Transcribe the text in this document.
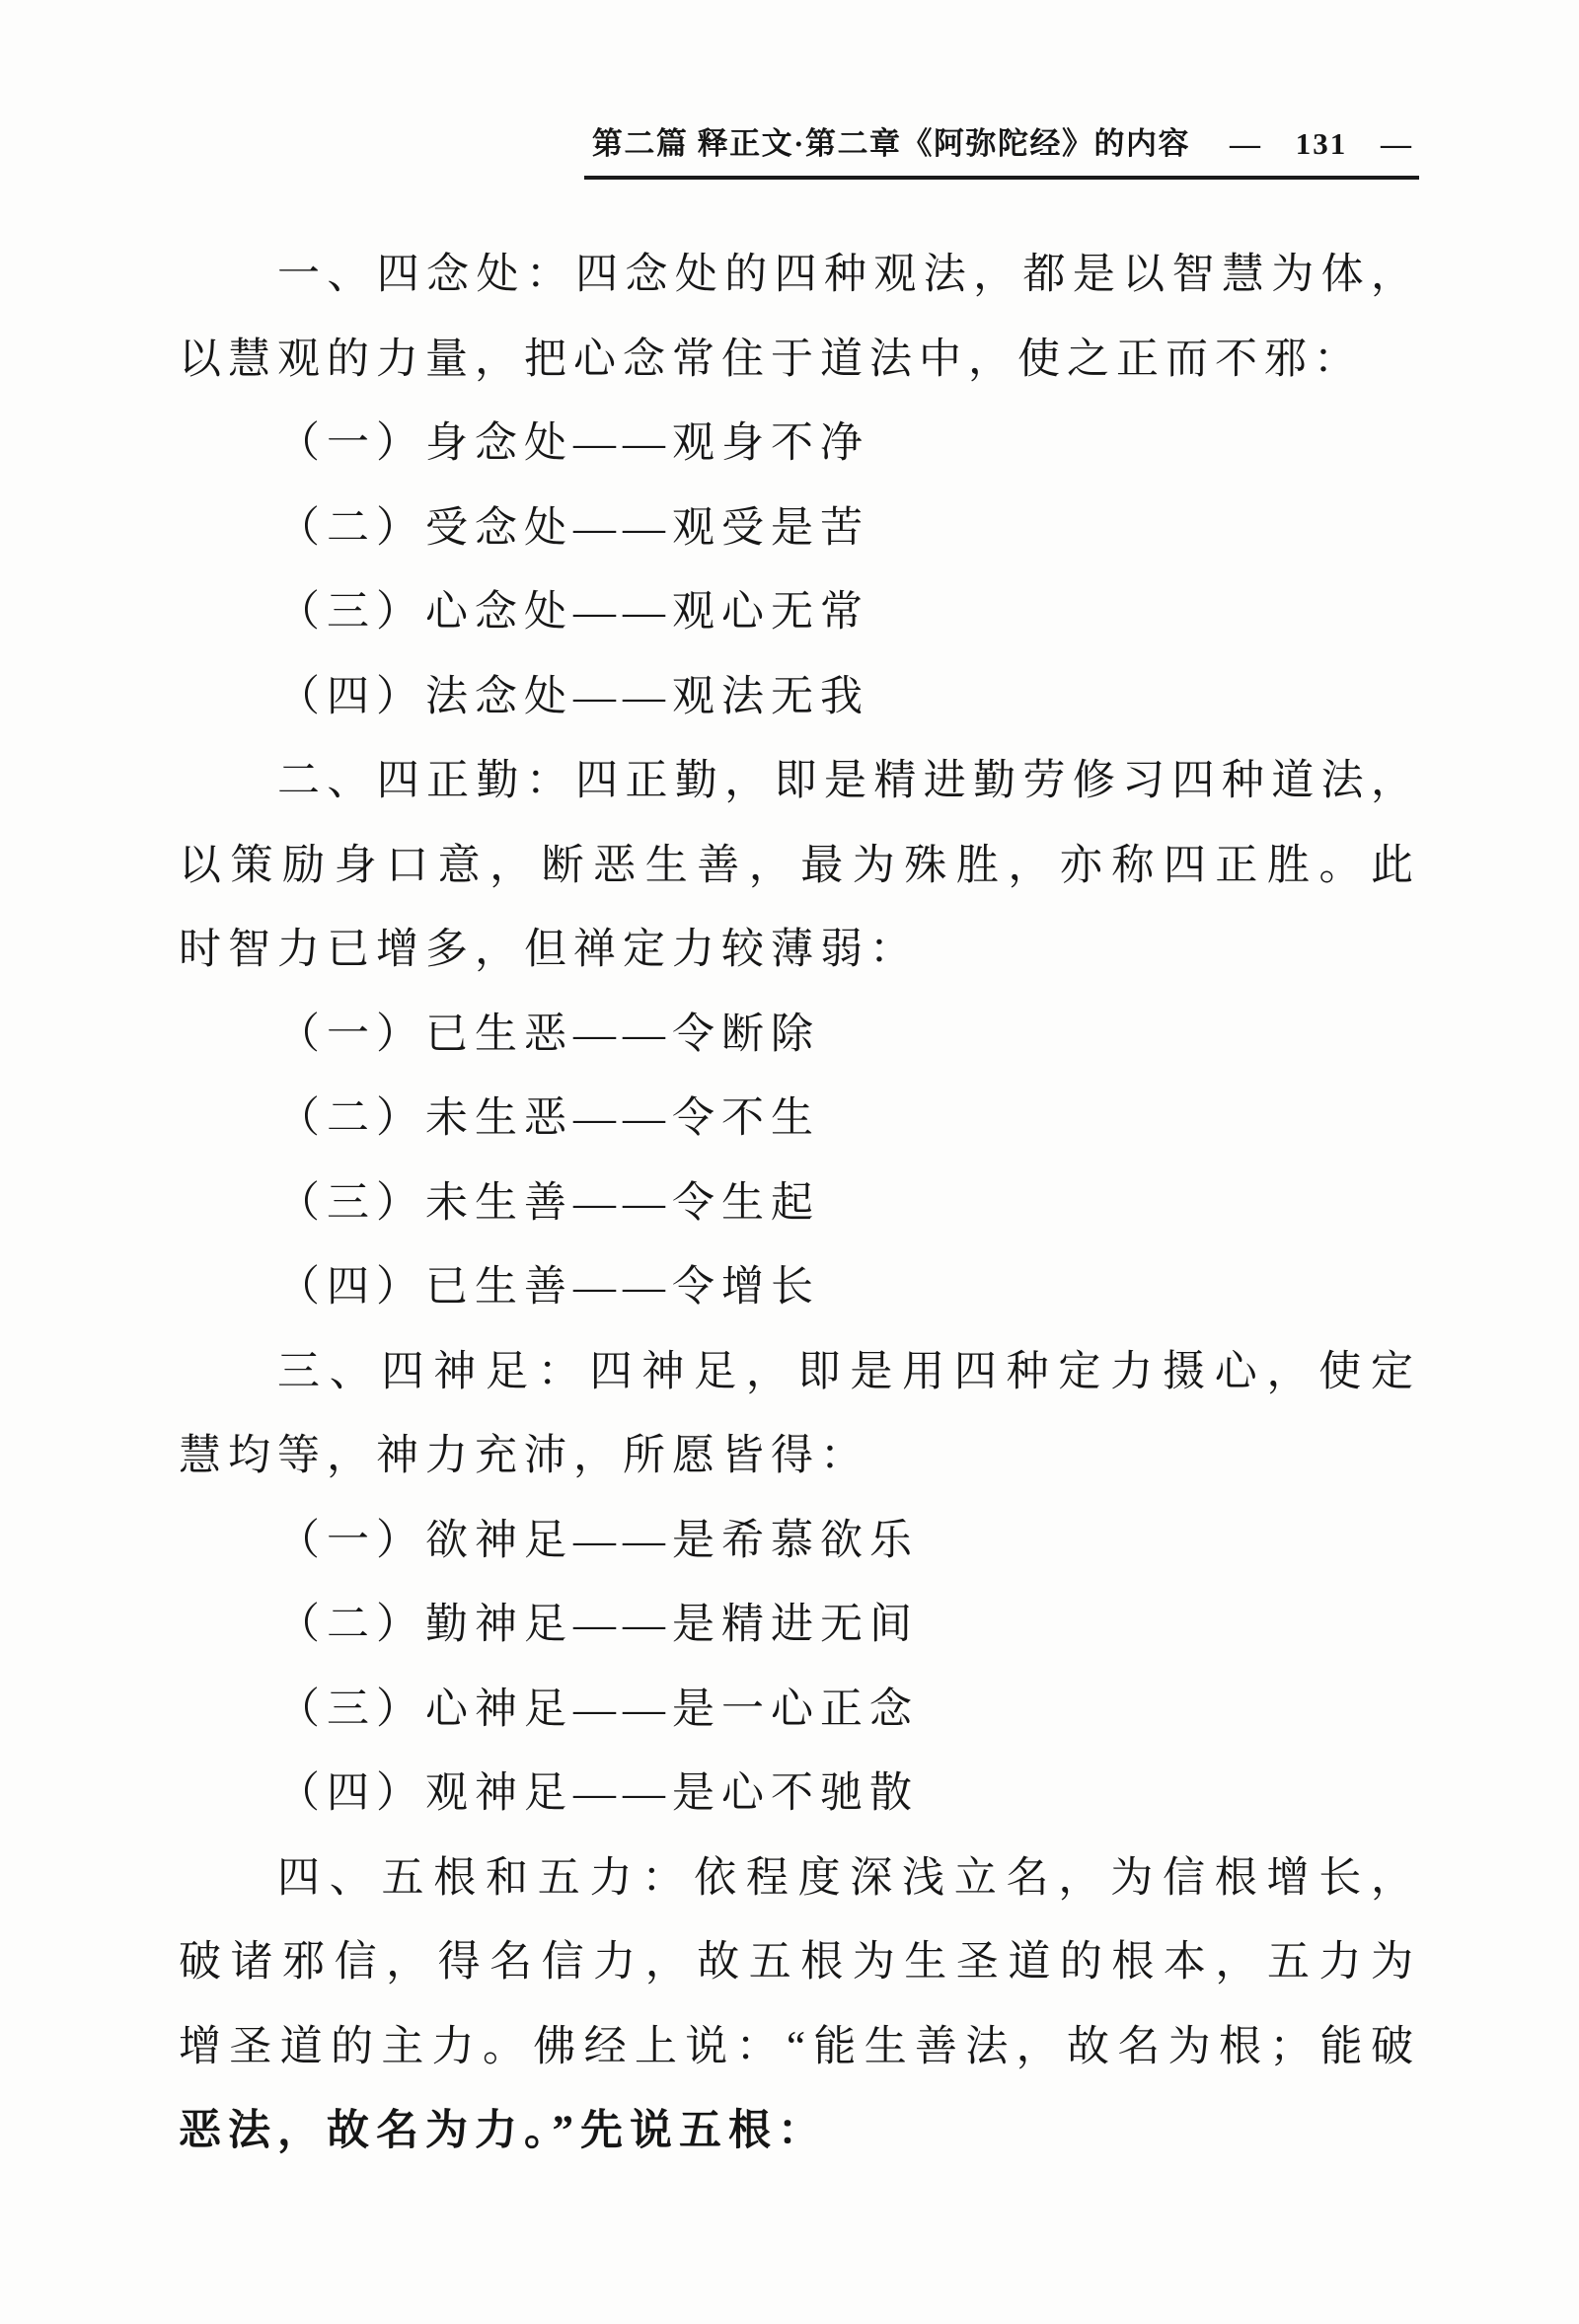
第二篇 释正文·第二章《阿弥陀经》的内容 — 131 —
一、四念处：四念处的四种观法，都是以智慧为体，
以慧观的力量，把心念常住于道法中，使之正而不邪：
（一）身念处——观身不净
（二）受念处——观受是苦
（三）心念处——观心无常
（四）法念处——观法无我
二、四正勤：四正勤，即是精进勤劳修习四种道法，
以策励身口意，断恶生善，最为殊胜，亦称四正胜。此
时智力已增多，但禅定力较薄弱：
（一）已生恶——令断除
（二）未生恶——令不生
（三）未生善——令生起
（四）已生善——令增长
三、四神足：四神足，即是用四种定力摄心，使定
慧均等，神力充沛，所愿皆得：
（一）欲神足——是希慕欲乐
（二）勤神足——是精进无间
（三）心神足——是一心正念
（四）观神足——是心不驰散
四、五根和五力：依程度深浅立名，为信根增长，
破诸邪信，得名信力，故五根为生圣道的根本，五力为
增圣道的主力。佛经上说：“能生善法，故名为根；能破
恶法，故名为力。”先说五根：
